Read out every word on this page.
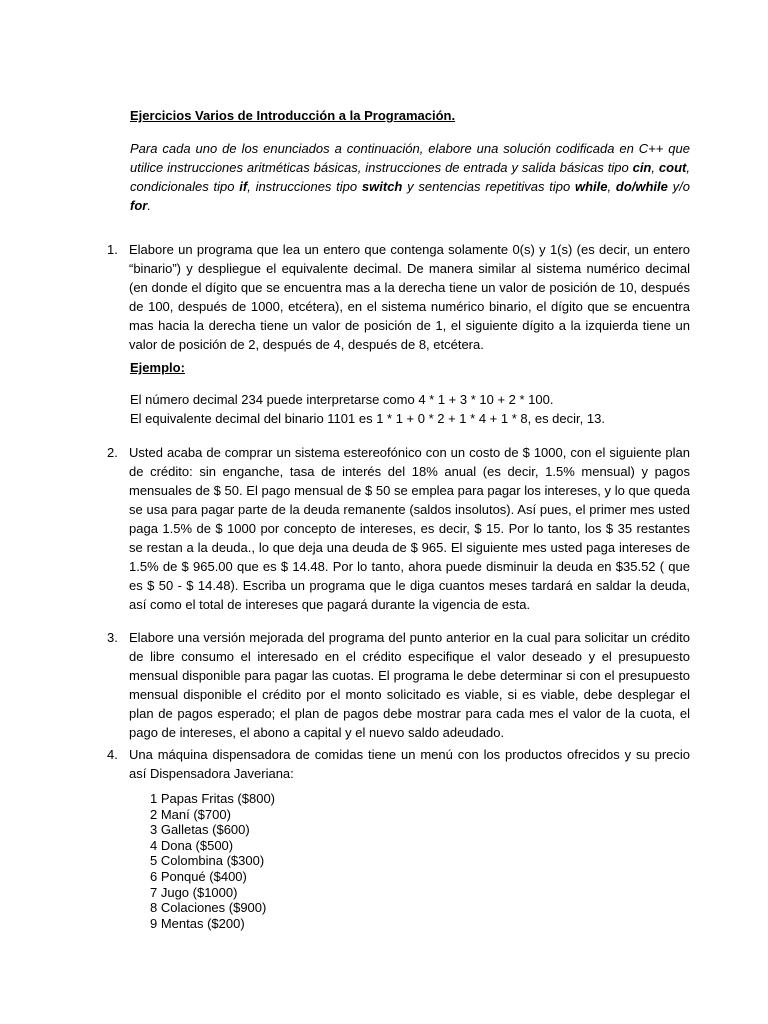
Ejercicios Varios de Introducción a la Programación.
Para cada uno de los enunciados a continuación, elabore una solución codificada en C++ que utilice instrucciones aritméticas básicas, instrucciones de entrada y salida básicas tipo cin, cout, condicionales tipo if, instrucciones tipo switch y sentencias repetitivas tipo while, do/while y/o for.
1. Elabore un programa que lea un entero que contenga solamente 0(s) y 1(s) (es decir, un entero “binario”) y despliegue el equivalente decimal. De manera similar al sistema numérico decimal (en donde el dígito que se encuentra mas a la derecha tiene un valor de posición de 10, después de 100, después de 1000, etcétera), en el sistema numérico binario, el dígito que se encuentra mas hacia la derecha tiene un valor de posición de 1, el siguiente dígito a la izquierda tiene un valor de posición de 2, después de 4, después de 8, etcétera.
Ejemplo:
El número decimal 234 puede interpretarse como 4 * 1 + 3 * 10 + 2 * 100.
El equivalente decimal del binario 1101 es 1 * 1 + 0 * 2 + 1 * 4 + 1 * 8, es decir, 13.
2. Usted acaba de comprar un sistema estereofónico con un costo de $ 1000, con el siguiente plan de crédito: sin enganche, tasa de interés del 18% anual (es decir, 1.5% mensual) y pagos mensuales de $ 50. El pago mensual de $ 50 se emplea para pagar los intereses, y lo que queda se usa para pagar parte de la deuda remanente (saldos insolutos). Así pues, el primer mes usted paga 1.5% de $ 1000 por concepto de intereses, es decir, $ 15. Por lo tanto, los $ 35 restantes se restan a la deuda., lo que deja una deuda de $ 965. El siguiente mes usted paga intereses de 1.5% de $ 965.00 que es $ 14.48. Por lo tanto, ahora puede disminuir la deuda en $35.52 ( que es $ 50 - $ 14.48). Escriba un programa que le diga cuantos meses tardará en saldar la deuda, así como el total de intereses que pagará durante la vigencia de esta.
3. Elabore una versión mejorada del programa del punto anterior en la cual para solicitar un crédito de libre consumo el interesado en el crédito especifique el valor deseado y el presupuesto mensual disponible para pagar las cuotas. El programa le debe determinar si con el presupuesto mensual disponible el crédito por el monto solicitado es viable, si es viable, debe desplegar el plan de pagos esperado; el plan de pagos debe mostrar para cada mes el valor de la cuota, el pago de intereses, el abono a capital y el nuevo saldo adeudado.
4. Una máquina dispensadora de comidas tiene un menú con los productos ofrecidos y su precio así Dispensadora Javeriana:
1 Papas Fritas ($800)
2 Maní ($700)
3 Galletas ($600)
4 Dona ($500)
5 Colombina ($300)
6 Ponqué ($400)
7 Jugo ($1000)
8 Colaciones ($900)
9 Mentas ($200)
